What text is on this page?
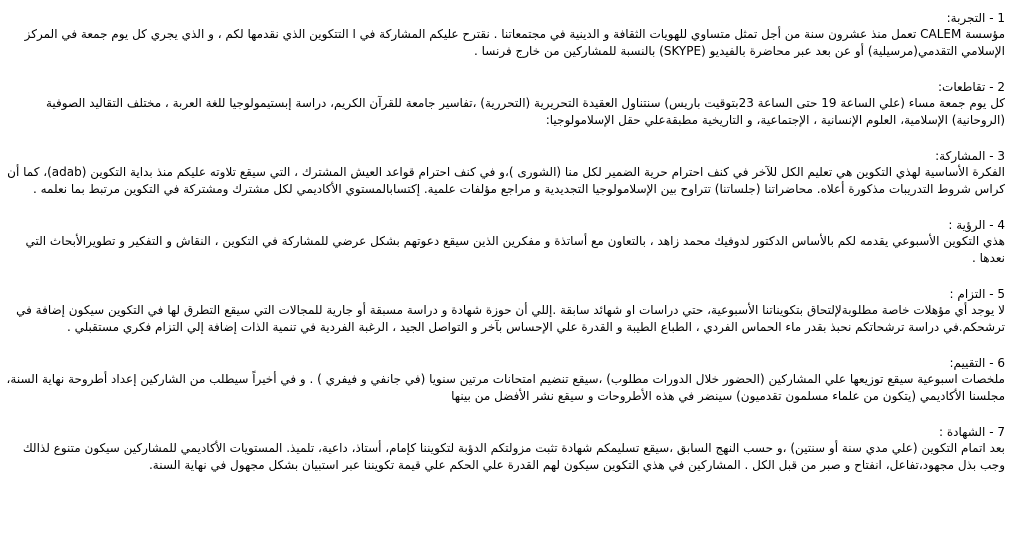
1 - التجربة:

مؤسسة CALEM تعمل منذ عشرون سنة من أجل تمثل متساوي للهويات الثقافة و الدينية في مجتمعاتنا . نقترح عليكم المشاركة في ا التتكوين الذي نقدمها لكم ، و الذي يجري كل يوم جمعة في المركز الإسلامي التقدمي(مرسيلية) أو عن بعد عبر محاضرة بالفيديو (SKYPE) بالنسبة للمشاركين من خارج فرنسا .

2 - تقاطعات:

كل يوم جمعة مساء (علي الساعة 19 حتى الساعة 23بتوقيت باريس) سنتناول العقيدة التحريرية (التحررية) ،تفاسير جامعة للقرآن الكريم، دراسة إبستيمولوجيا للغة العربة ، مختلف التقاليد الصوفية (الروحانية) الإسلامية، العلوم الإنسانية ، الإجتماعية، و التاريخية مطبقةعلي حقل الإسلامولوجيا:

3 - المشاركة:

الفكرة الأساسية لهذي التكوين هي تعليم الكل للآخر في كنف احترام حرية الضمير لكل منا (الشورى )،و في كنف احترام قواعد العيش المشترك ، التي سيقع تلاوته عليكم منذ بداية التكوين (adab)، كما أن كراس شروط التدريبات مذكورة أعلاه. محاضراتنا (جلساتنا) تتراوح بين الإسلامولوجيا التجديدية و مراجع مؤلفات علمية. إكتسابالمستوي الأكاديمي لكل مشترك ومشتركة في التكوين مرتبط بما نعلمه .

4 - الرؤية :

هذي التكوين الأسبوعي يقدمه لكم بالأساس الدكتور لدوفيك محمد زاهد ، بالتعاون مع أساتذة و مفكرين الذين سيقع دعوتهم بشكل عرضي للمشاركة في التكوين ، النقاش و التفكير و تطويرالأبحاث التي نعدها .

5 - التزام :

لا يوجد أي مؤهلات خاصة مطلوبةلإلتحاق بتكويناتنا الأسبوعية، حتي دراسات او شهائد سابقة .إللي أن حوزة شهادة و دراسة مسبقة أو جارية للمجالات التي سيقع التطرق لها في التكوين سيكون إضافة في ترشحكم.في دراسة ترشحاتكم نحبذ بقدر ماء الحماس الفردي ، الطباع الطيبة و القدرة علي الإحساس بآخر و التواصل الجيد ، الرغبة الفردية في تنمية الذات إضافة إلي التزام فكري مستقبلي .

6 - التقييم:

ملخصات اسبوعية سيقع توزيعها علي المشاركين (الحضور خلال الدورات مطلوب) ،سيقع تنضيم امتحانات مرتين سنويا (في جانفي و فيفري ) . و في أخيراً سيطلب من الشاركين إعداد أطروحة نهاية السنة، مجلسنا الأكاديمي (يتكون من علماء مسلمون تقدميون) سينضر في هذه الأطروحات و سيقع نشر الأفضل من بينها

7 - الشهادة :

بعد اتمام التكوين (علي مدي سنة أو سنتين) ،و حسب النهج السابق ،سيقع تسليمكم شهادة تثبت مزولتكم الدؤبة لتكويننا كإمام، أستاذ، داعية، تلميذ. المستويات الأكاديمي للمشاركين سيكون متنوع لذالك وجب بذل مجهود،تفاعل، انفتاح و صبر من قبل الكل . المشاركين في هذي التكوين سيكون لهم القدرة علي الحكم علي قيمة تكويننا عبر استبيان بشكل مجهول في نهاية السنة.
